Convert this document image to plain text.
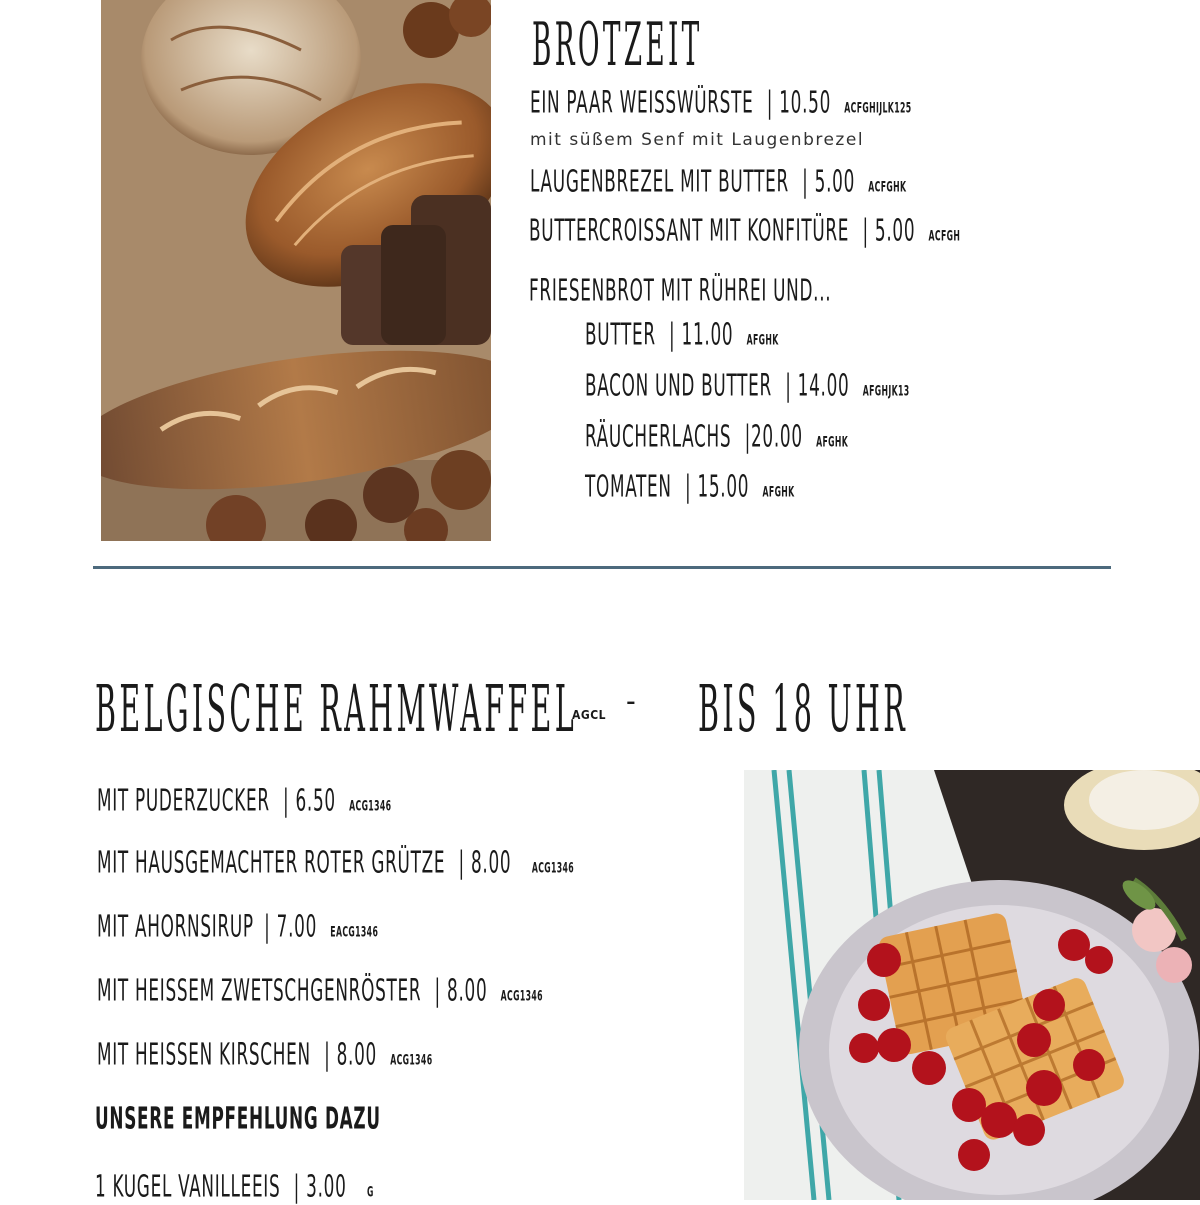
BROTZEIT
EIN PAAR WEISSWÜRSTE | 10.50 ACFGHIJLK125
mit süßem Senf mit Laugenbrezel
LAUGENBREZEL MIT BUTTER | 5.00 ACFGHK
BUTTERCROISSANT MIT KONFITÜRE | 5.00 ACFGH
FRIESENBROT MIT RÜHREI UND...
BUTTER | 11.00 AFGHK
BACON UND BUTTER | 14.00 AFGHJK13
RÄUCHERLACHS |20.00 AFGHK
TOMATEN | 15.00 AFGHK
BELGISCHE RAHMWAFFEL
AGCL - BIS 18 UHR
MIT PUDERZUCKER | 6.50 ACG1346
MIT HAUSGEMACHTER ROTER GRÜTZE | 8.00 ACG1346
MIT AHORNSIRUP | 7.00 EACG1346
MIT HEISSEM ZWETSCHGENRÖSTER | 8.00 ACG1346
MIT HEISSEN KIRSCHEN | 8.00 ACG1346
UNSERE EMPFEHLUNG DAZU
1 KUGEL VANILLEEIS | 3.00 G
